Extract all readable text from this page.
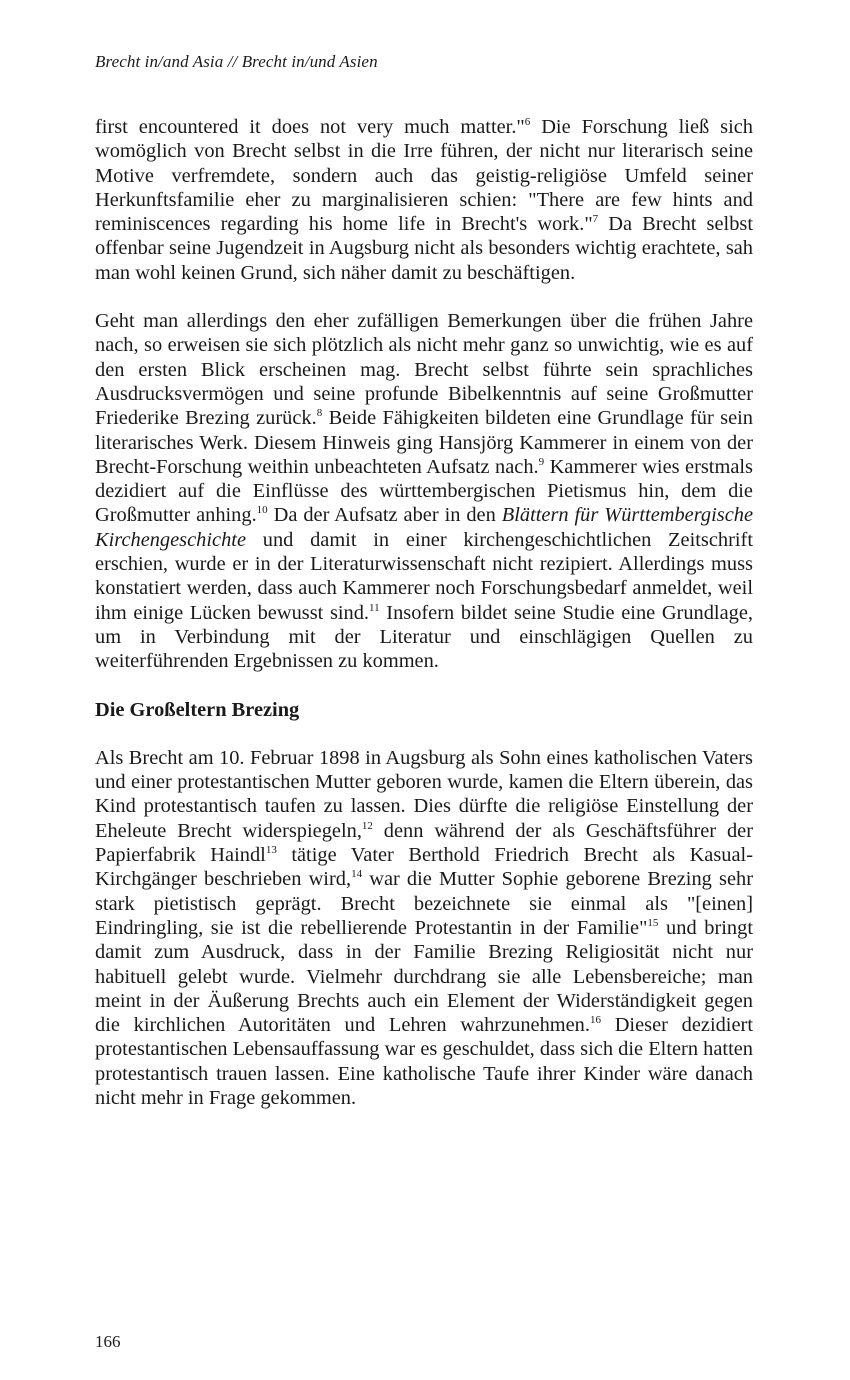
Brecht in/and Asia // Brecht in/und Asien

first encountered it does not very much matter."$^6$ Die Forschung ließ sich womöglich von Brecht selbst in die Irre führen, der nicht nur literarisch seine Motive verfremdete, sondern auch das geistig-religiöse Umfeld seiner Herkunftsfamilie eher zu marginalisieren schien: "There are few hints and reminiscences regarding his home life in Brecht's work."$^7$ Da Brecht selbst offenbar seine Jugendzeit in Augsburg nicht als besonders wichtig erachtete, sah man wohl keinen Grund, sich näher damit zu beschäftigen.

Geht man allerdings den eher zufälligen Bemerkungen über die frühen Jahre nach, so erweisen sie sich plötzlich als nicht mehr ganz so unwichtig, wie es auf den ersten Blick erscheinen mag. Brecht selbst führte sein sprachliches Ausdrucksvermögen und seine profunde Bibelkenntnis auf seine Großmutter Friederike Brezing zurück.$^8$ Beide Fähigkeiten bildeten eine Grundlage für sein literarisches Werk. Diesem Hinweis ging Hansjörg Kammerer in einem von der Brecht-Forschung weithin unbeachteten Aufsatz nach.$^9$ Kammerer wies erstmals dezidiert auf die Einflüsse des württembergischen Pietismus hin, dem die Großmutter anhing.$^{10}$ Da der Aufsatz aber in den Blättern für Württembergische Kirchengeschichte und damit in einer kirchengeschichtlichen Zeitschrift erschien, wurde er in der Literaturwissenschaft nicht rezipiert. Allerdings muss konstatiert werden, dass auch Kammerer noch Forschungsbedarf anmeldet, weil ihm einige Lücken bewusst sind.$^{11}$ Insofern bildet seine Studie eine Grundlage, um in Verbindung mit der Literatur und einschlägigen Quellen zu weiterführenden Ergebnissen zu kommen.

Die Großeltern Brezing

Als Brecht am 10. Februar 1898 in Augsburg als Sohn eines katholischen Vaters und einer protestantischen Mutter geboren wurde, kamen die Eltern überein, das Kind protestantisch taufen zu lassen. Dies dürfte die religiöse Einstellung der Eheleute Brecht widerspiegeln,$^{12}$ denn während der als Geschäftsführer der Papierfabrik Haindl$^{13}$ tätige Vater Berthold Friedrich Brecht als Kasual-Kirchgänger beschrieben wird,$^{14}$ war die Mutter Sophie geborene Brezing sehr stark pietistisch geprägt. Brecht bezeichnete sie einmal als "[einen] Eindringling, sie ist die rebellierende Protestantin in der Familie"$^{15}$ und bringt damit zum Ausdruck, dass in der Familie Brezing Religiosität nicht nur habituell gelebt wurde. Vielmehr durchdrang sie alle Lebensbereiche; man meint in der Äußerung Brechts auch ein Element der Widerständigkeit gegen die kirchlichen Autoritäten und Lehren wahrzunehmen.$^{16}$ Dieser dezidiert protestantischen Lebensauffassung war es geschuldet, dass sich die Eltern hatten protestantisch trauen lassen. Eine katholische Taufe ihrer Kinder wäre danach nicht mehr in Frage gekommen.

166
